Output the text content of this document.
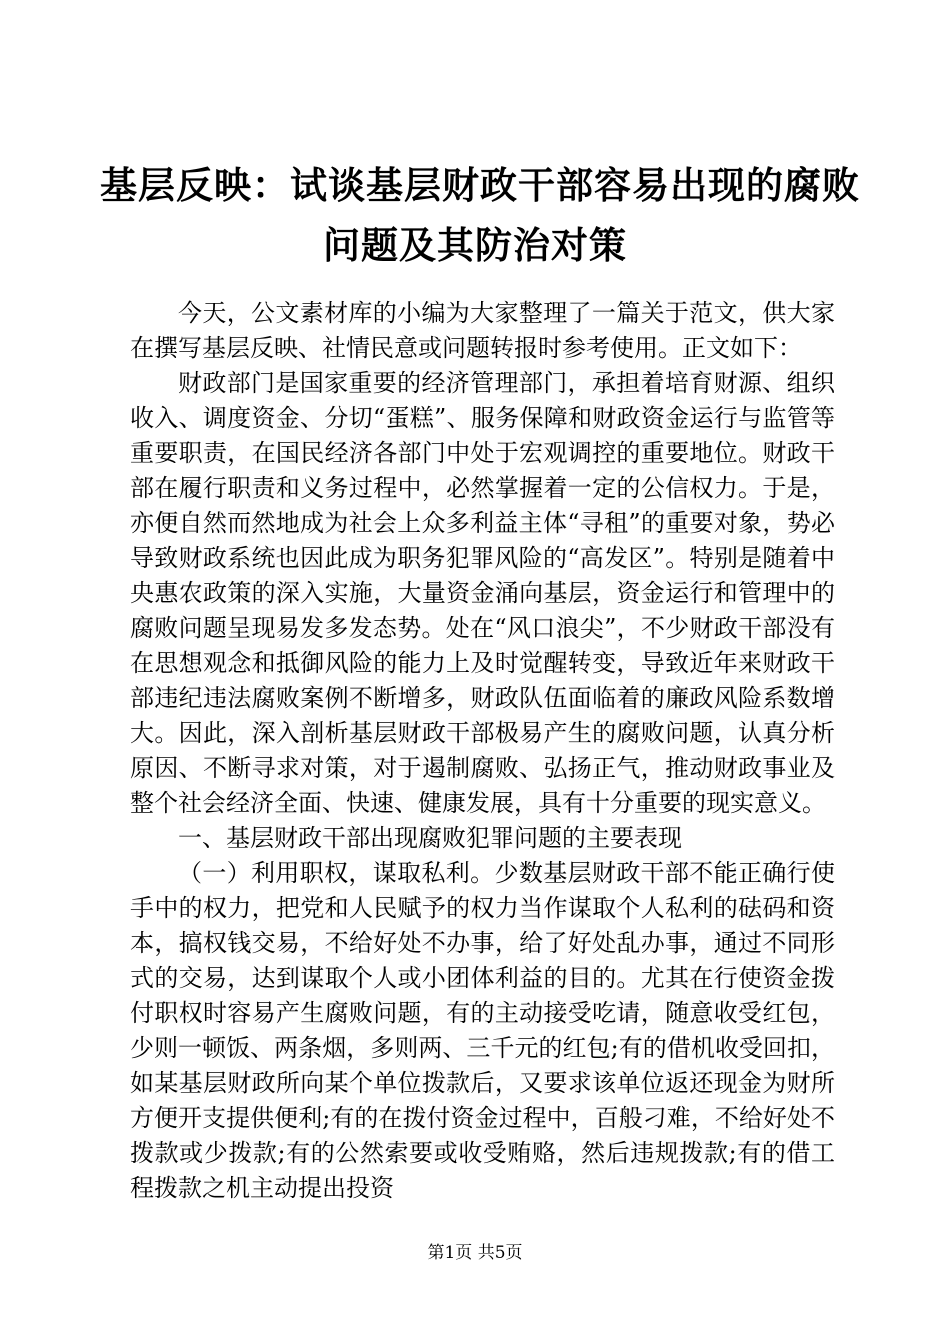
基层反映：试谈基层财政干部容易出现的腐败
问题及其防治对策

今天，公文素材库的小编为大家整理了一篇关于范文，供大家在撰写基层反映、社情民意或问题转报时参考使用。正文如下：

财政部门是国家重要的经济管理部门，承担着培育财源、组织收入、调度资金、分切“蛋糕”、服务保障和财政资金运行与监管等重要职责，在国民经济各部门中处于宏观调控的重要地位。财政干部在履行职责和义务过程中，必然掌握着一定的公信权力。于是，亦便自然而然地成为社会上众多利益主体“寻租”的重要对象，势必导致财政系统也因此成为职务犯罪风险的“高发区”。特别是随着中央惠农政策的深入实施，大量资金涌向基层，资金运行和管理中的腐败问题呈现易发多发态势。处在“风口浪尖”，不少财政干部没有在思想观念和抵御风险的能力上及时觉醒转变，导致近年来财政干部违纪违法腐败案例不断增多，财政队伍面临着的廉政风险系数增大。因此，深入剖析基层财政干部极易产生的腐败问题，认真分析原因、不断寻求对策，对于遏制腐败、弘扬正气，推动财政事业及整个社会经济全面、快速、健康发展，具有十分重要的现实意义。

一、基层财政干部出现腐败犯罪问题的主要表现

（一）利用职权，谋取私利。少数基层财政干部不能正确行使手中的权力，把党和人民赋予的权力当作谋取个人私利的砝码和资本，搞权钱交易，不给好处不办事，给了好处乱办事，通过不同形式的交易，达到谋取个人或小团体利益的目的。尤其在行使资金拨付职权时容易产生腐败问题，有的主动接受吃请，随意收受红包，少则一顿饭、两条烟，多则两、三千元的红包;有的借机收受回扣，如某基层财政所向某个单位拨款后，又要求该单位返还现金为财所方便开支提供便利;有的在拨付资金过程中，百般刁难，不给好处不拨款或少拨款;有的公然索要或收受贿赂，然后违规拨款;有的借工程拨款之机主动提出投资

第1页 共5页
